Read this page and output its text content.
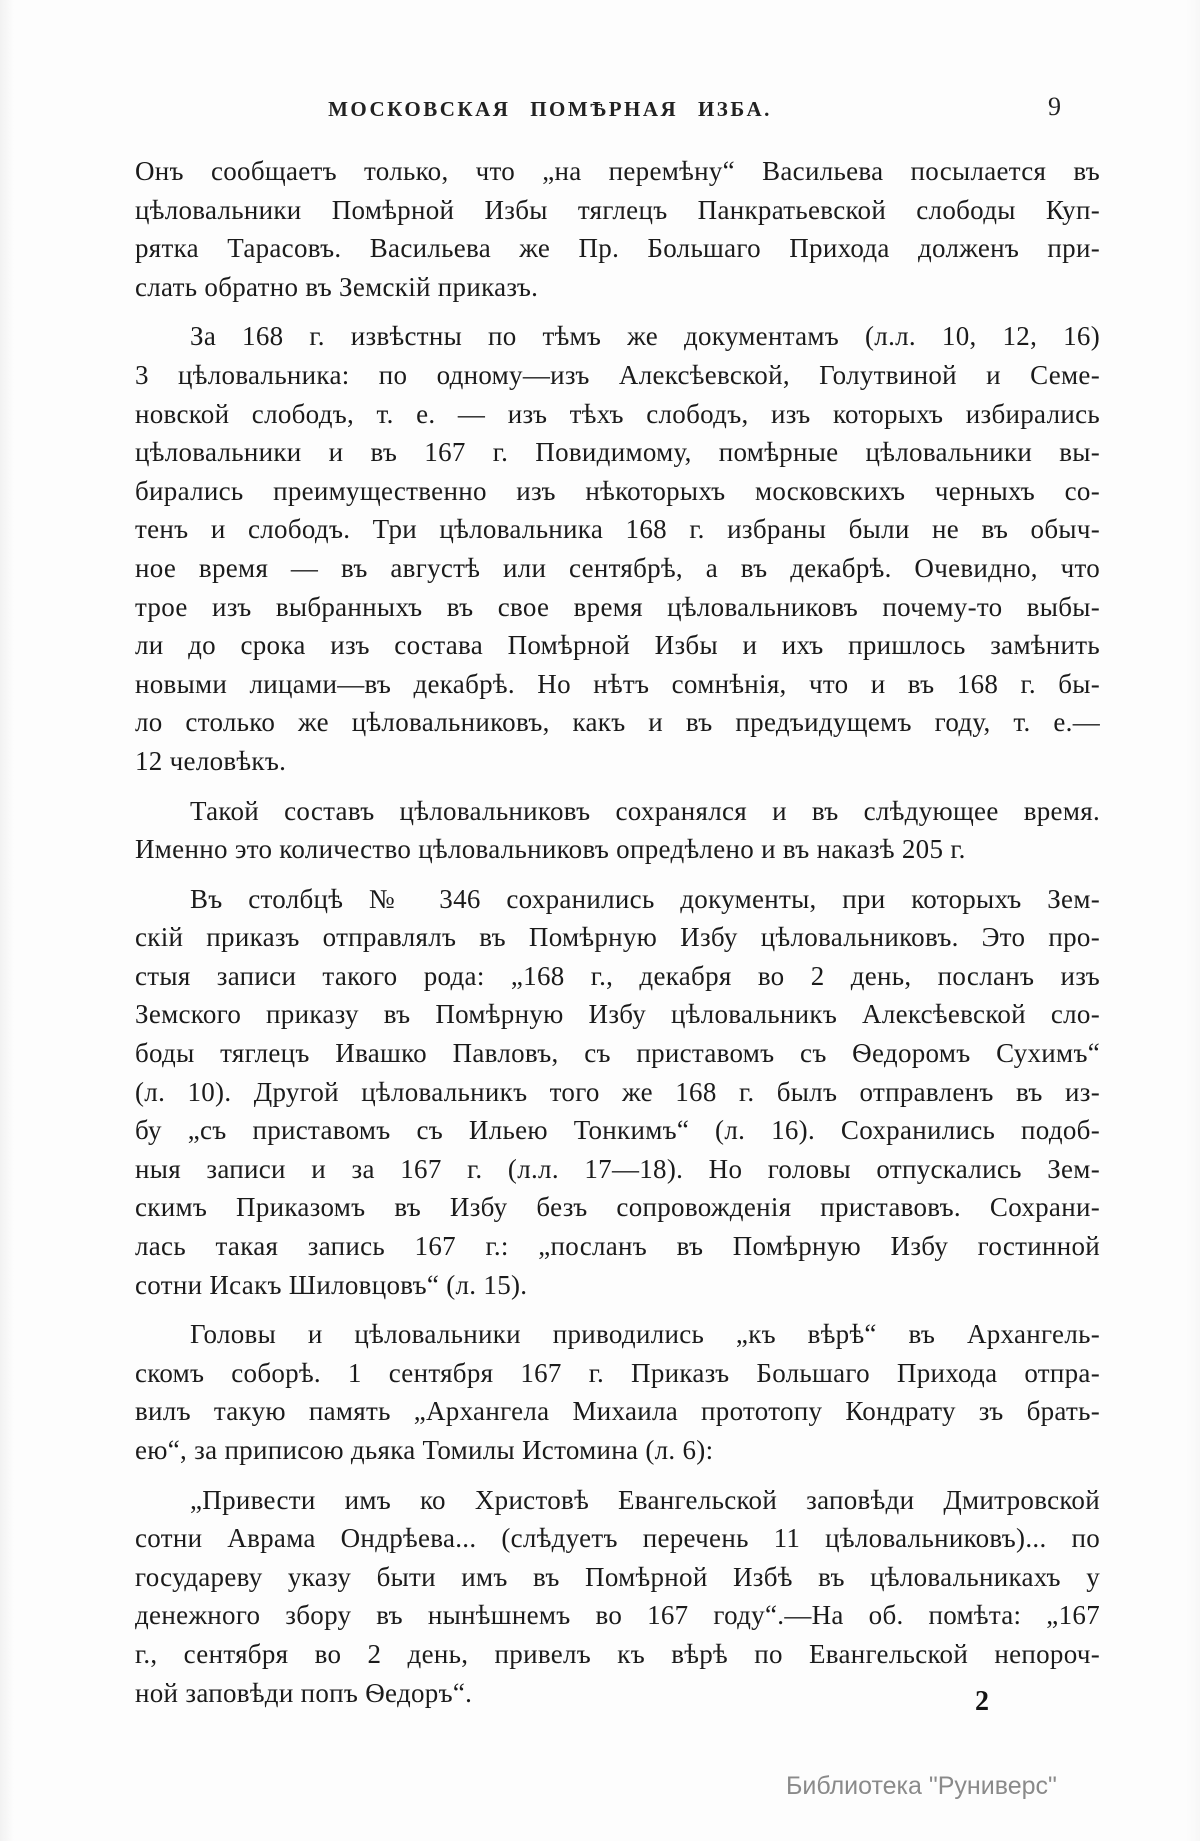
МОСКОВСКАЯ ПОМѢРНАЯ ИЗБА.	9
Онъ сообщаетъ только, что „на перемѣну“ Васильева посылается въ
цѣловальники Помѣрной Избы тяглецъ Панкратьевской слободы Куп-
рятка Тарасовъ. Васильева же Пр. Большаго Прихода долженъ при-
слать обратно въ Земскій приказъ.
За 168 г. извѣстны по тѣмъ же документамъ (л.л. 10, 12, 16)
3 цѣловальника: по одному—изъ Алексѣевской, Голутвиной и Семе-
новской слободъ, т. е. — изъ тѣхъ слободъ, изъ которыхъ избирались
цѣловальники и въ 167 г. Повидимому, помѣрные цѣловальники вы-
бирались преимущественно изъ нѣкоторыхъ московскихъ черныхъ со-
тенъ и слободъ. Три цѣловальника 168 г. избраны были не въ обыч-
ное время — въ августѣ или сентябрѣ, а въ декабрѣ. Очевидно, что
трое изъ выбранныхъ въ свое время цѣловальниковъ почему-то выбы-
ли до срока изъ состава Помѣрной Избы и ихъ пришлось замѣнить
новыми лицами—въ декабрѣ. Но нѣтъ сомнѣнія, что и въ 168 г. бы-
ло столько же цѣловальниковъ, какъ и въ предъидущемъ году, т. е.—
12 человѣкъ.
Такой составъ цѣловальниковъ сохранялся и въ слѣдующее время.
Именно это количество цѣловальниковъ опредѣлено и въ наказѣ 205 г.
Въ столбцѣ № 346 сохранились документы, при которыхъ Зем-
скій приказъ отправлялъ въ Помѣрную Избу цѣловальниковъ. Это про-
стыя записи такого рода: „168 г., декабря во 2 день, посланъ изъ
Земского приказу въ Помѣрную Избу цѣловальникъ Алексѣевской сло-
боды тяглецъ Ивашко Павловъ, съ приставомъ съ Ѳедоромъ Сухимъ“
(л. 10). Другой цѣловальникъ того же 168 г. былъ отправленъ въ из-
бу „съ приставомъ съ Ильею Тонкимъ“ (л. 16). Сохранились подоб-
ныя записи и за 167 г. (л.л. 17—18). Но головы отпускались Зем-
скимъ Приказомъ въ Избу безъ сопровожденія приставовъ. Сохрани-
лась такая запись 167 г.: „посланъ въ Помѣрную Избу гостинной
сотни Исакъ Шиловцовъ“ (л. 15).
Головы и цѣловальники приводились „къ вѣрѣ“ въ Архангель-
скомъ соборѣ. 1 сентября 167 г. Приказъ Большаго Прихода отпра-
вилъ такую память „Архангела Михаила прототопу Кондрату зъ брать-
ею“, за приписою дьяка Томилы Истомина (л. 6):
„Привести имъ ко Христовѣ Евангельской заповѣди Дмитровской
сотни Аврама Ондрѣева... (слѣдуетъ перечень 11 цѣловальниковъ)... по
государеву указу быти имъ въ Помѣрной Избѣ въ цѣловальникахъ у
денежного збору въ нынѣшнемъ во 167 году“.—На об. помѣта: „167
г., сентября во 2 день, привелъ къ вѣрѣ по Евангельской непороч-
ной заповѣди попъ Ѳедоръ“.	2
Библиотека "Руниверс"
